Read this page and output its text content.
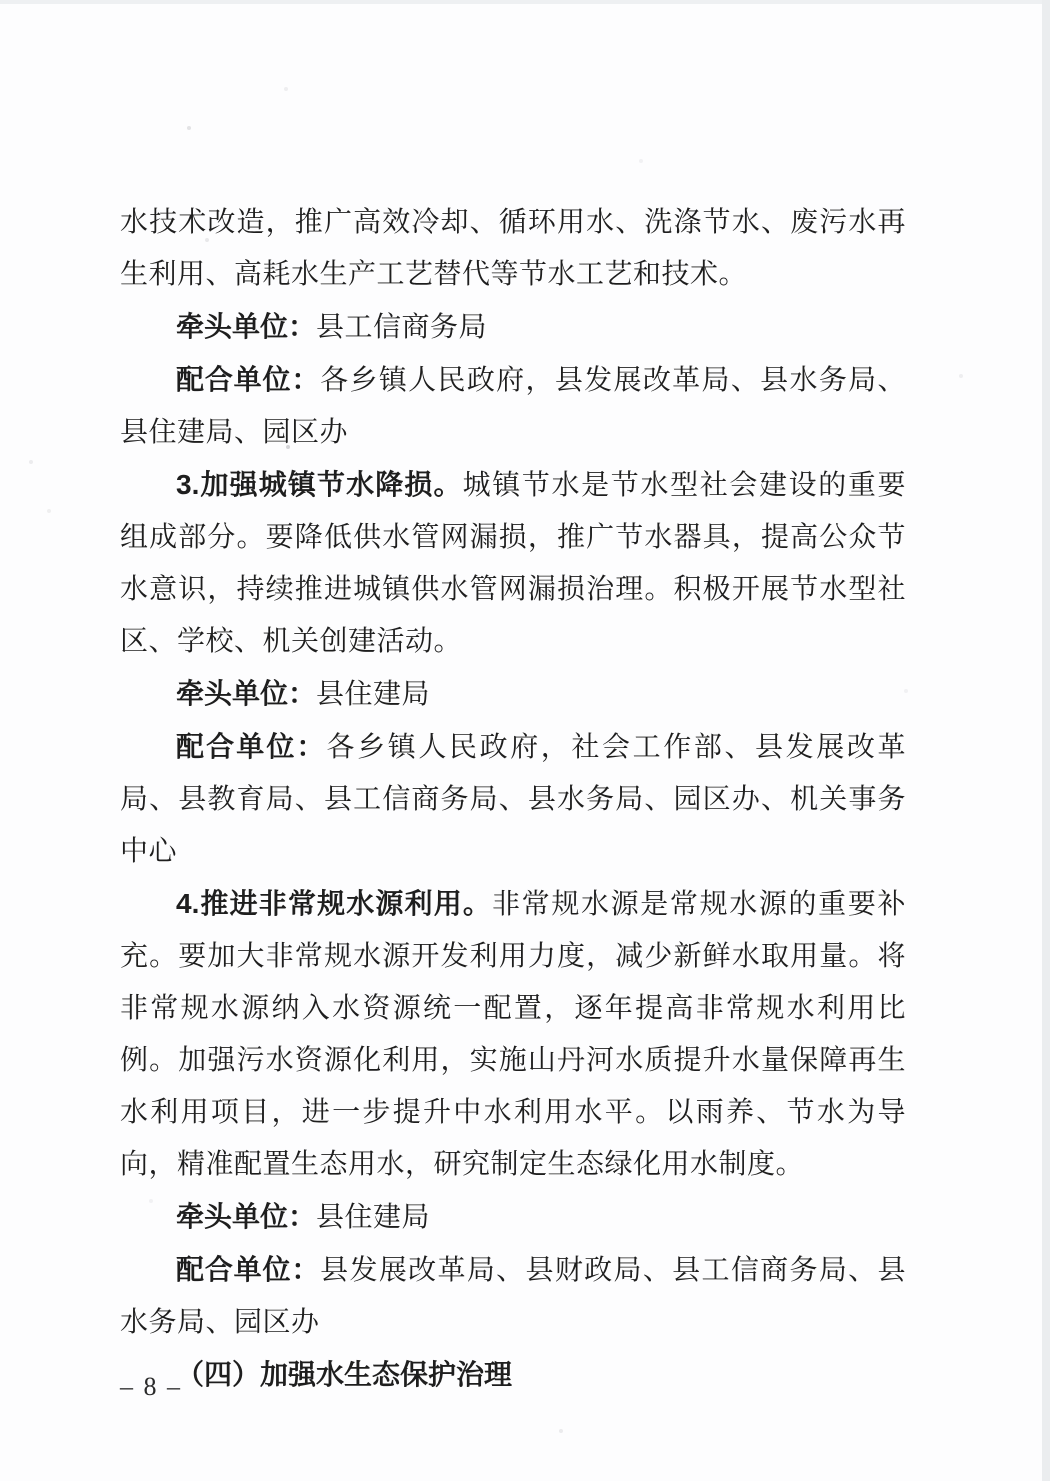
水技术改造，推广高效冷却、循环用水、洗涤节水、废污水再生利用、高耗水生产工艺替代等节水工艺和技术。

牵头单位：县工信商务局

配合单位：各乡镇人民政府，县发展改革局、县水务局、县住建局、园区办

3.加强城镇节水降损。城镇节水是节水型社会建设的重要组成部分。要降低供水管网漏损，推广节水器具，提高公众节水意识，持续推进城镇供水管网漏损治理。积极开展节水型社区、学校、机关创建活动。

牵头单位：县住建局

配合单位：各乡镇人民政府，社会工作部、县发展改革局、县教育局、县工信商务局、县水务局、园区办、机关事务中心

4.推进非常规水源利用。非常规水源是常规水源的重要补充。要加大非常规水源开发利用力度，减少新鲜水取用量。将非常规水源纳入水资源统一配置，逐年提高非常规水利用比例。加强污水资源化利用，实施山丹河水质提升水量保障再生水利用项目，进一步提升中水利用水平。以雨养、节水为导向，精准配置生态用水，研究制定生态绿化用水制度。

牵头单位：县住建局

配合单位：县发展改革局、县财政局、县工信商务局、县水务局、园区办

（四）加强水生态保护治理

– 8 –
